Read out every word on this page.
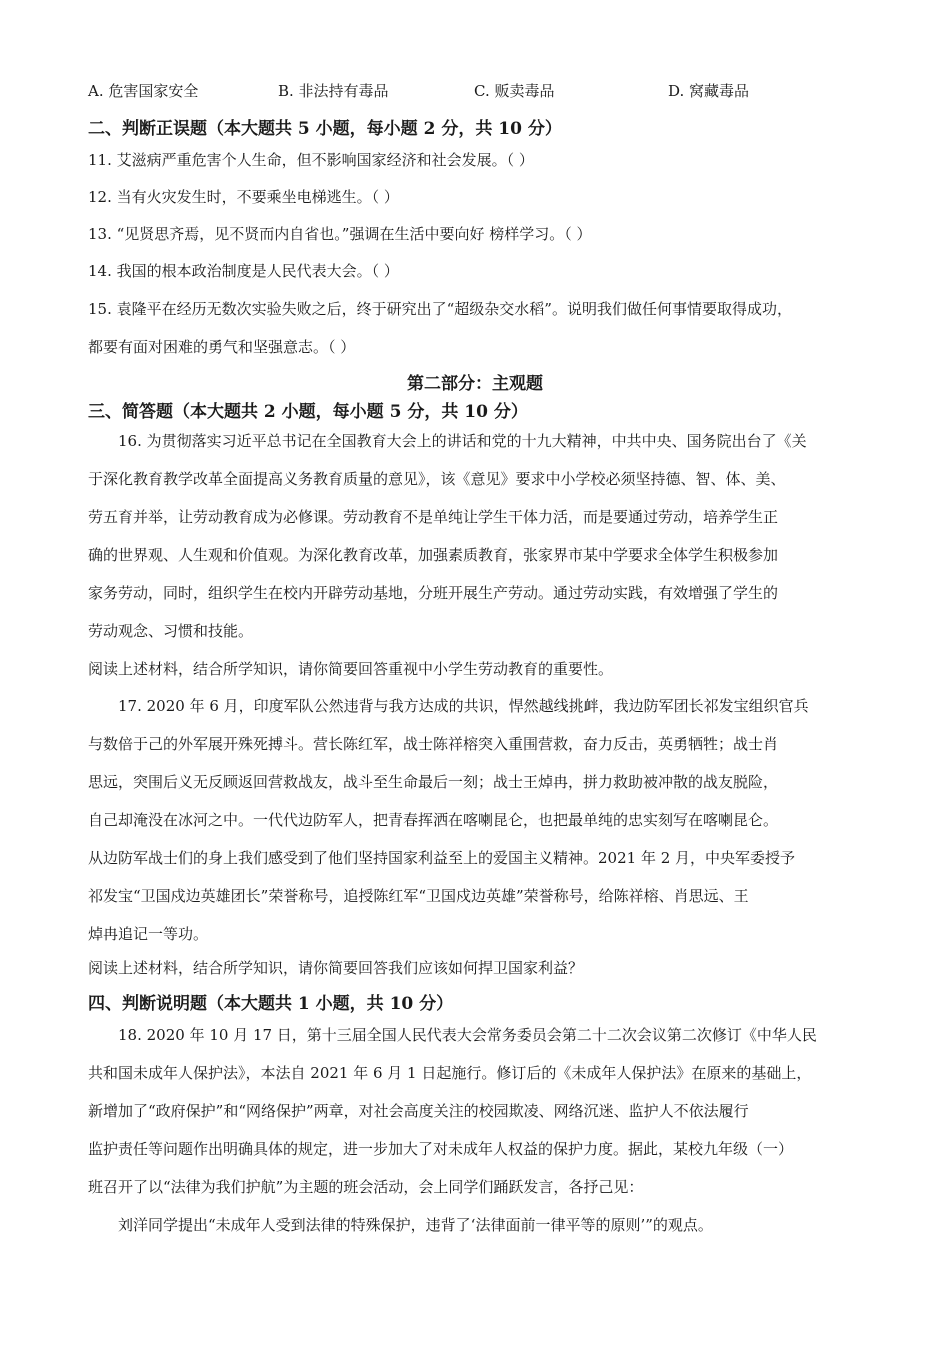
A. 危害国家安全	B. 非法持有毒品	C. 贩卖毒品	D. 窝藏毒品
二、判断正误题（本大题共 5 小题，每小题 2 分，共 10 分）
11. 艾滋病严重危害个人生命，但不影响国家经济和社会发展。（ ）
12. 当有火灾发生时，不要乘坐电梯逃生。（ ）
13. “见贤思齐焉，见不贤而内自省也。”强调在生活中要向好 榜样学习。（ ）
14. 我国的根本政治制度是人民代表大会。（ ）
15. 袁隆平在经历无数次实验失败之后，终于研究出了“超级杂交水稻”。说明我们做任何事情要取得成功，
都要有面对困难的勇气和坚强意志。（ ）
第二部分：主观题
三、简答题（本大题共 2 小题，每小题 5 分，共 10 分）
16. 为贯彻落实习近平总书记在全国教育大会上的讲话和党的十九大精神，中共中央、国务院出台了《关
于深化教育教学改革全面提高义务教育质量的意见》，该《意见》要求中小学校必须坚持德、智、体、美、
劳五育并举，让劳动教育成为必修课。劳动教育不是单纯让学生干体力活，而是要通过劳动，培养学生正
确的世界观、人生观和价值观。为深化教育改革，加强素质教育，张家界市某中学要求全体学生积极参加
家务劳动，同时，组织学生在校内开辟劳动基地，分班开展生产劳动。通过劳动实践，有效增强了学生的
劳动观念、习惯和技能。
阅读上述材料，结合所学知识，请你简要回答重视中小学生劳动教育的重要性。
17. 2020 年 6 月，印度军队公然违背与我方达成的共识，悍然越线挑衅，我边防军团长祁发宝组织官兵
与数倍于己的外军展开殊死搏斗。营长陈红军，战士陈祥榕突入重围营救，奋力反击，英勇牺牲；战士肖
思远，突围后义无反顾返回营救战友，战斗至生命最后一刻；战士王焯冉，拼力救助被冲散的战友脱险，
自己却淹没在冰河之中。一代代边防军人，把青春挥洒在喀喇昆仑，也把最单纯的忠实刻写在喀喇昆仑。
从边防军战士们的身上我们感受到了他们坚持国家利益至上的爱国主义精神。2021 年 2 月，中央军委授予
祁发宝“卫国戍边英雄团长”荣誉称号，追授陈红军“卫国戍边英雄”荣誉称号，给陈祥榕、肖思远、王
焯冉追记一等功。
阅读上述材料，结合所学知识，请你简要回答我们应该如何捍卫国家利益？
四、判断说明题（本大题共 1 小题，共 10 分）
18. 2020 年 10 月 17 日，第十三届全国人民代表大会常务委员会第二十二次会议第二次修订《中华人民
共和国未成年人保护法》，本法自 2021 年 6 月 1 日起施行。修订后的《未成年人保护法》在原来的基础上，
新增加了“政府保护”和“网络保护”两章，对社会高度关注的校园欺凌、网络沉迷、监护人不依法履行
监护责任等问题作出明确具体的规定，进一步加大了对未成年人权益的保护力度。据此，某校九年级（一）
班召开了以“法律为我们护航”为主题的班会活动，会上同学们踊跃发言，各抒己见：
刘洋同学提出“未成年人受到法律的特殊保护，违背了‘法律面前一律平等的原则’”的观点。
